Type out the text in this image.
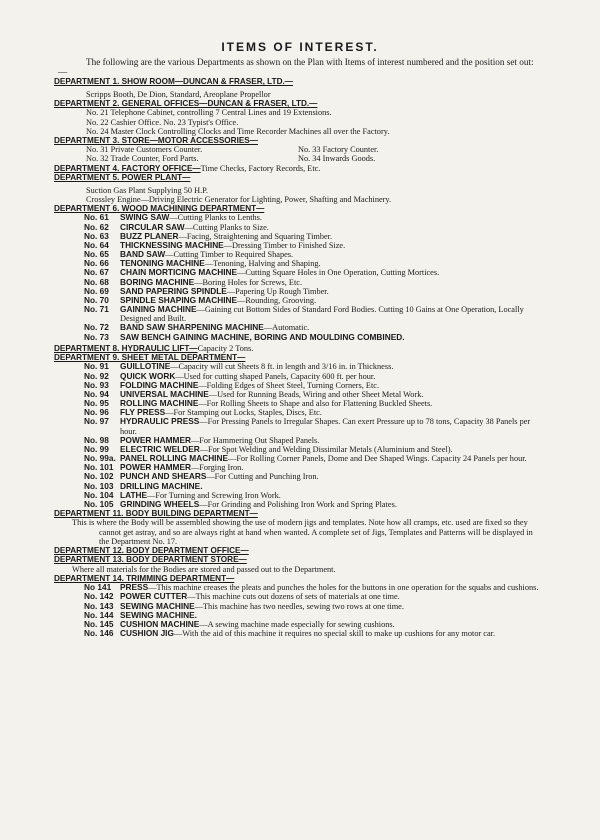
ITEMS OF INTEREST.
The following are the various Departments as shown on the Plan with Items of interest numbered and the position set out:—
DEPARTMENT 1. SHOW ROOM—DUNCAN & FRASER, LTD.—
Scripps Booth, De Dion, Standard, Areoplane Propellor
DEPARTMENT 2. GENERAL OFFICES—DUNCAN & FRASER, LTD.—
No. 21 Telephone Cabinet, controlling 7 Central Lines and 19 Extensions.
No. 22 Cashier Office. No. 23 Typist's Office.
No. 24 Master Clock Controlling Clocks and Time Recorder Machines all over the Factory.
DEPARTMENT 3. STORE—MOTOR ACCESSORIES—
No. 31 Private Customers Counter.	No. 33 Factory Counter.
No. 32 Trade Counter, Ford Parts.	No. 34 Inwards Goods.
DEPARTMENT 4. FACTORY OFFICE—Time Checks, Factory Records, Etc.
DEPARTMENT 5. POWER PLANT—
Suction Gas Plant Supplying 50 H.P.
Crossley Engine—Driving Electric Generator for Lighting, Power, Shafting and Machinery.
DEPARTMENT 6. WOOD MACHINING DEPARTMENT—
No. 61 SWING SAW—Cutting Planks to Lenths.
No. 62 CIRCULAR SAW—Cutting Planks to Size.
No. 63 BUZZ PLANER—Facing, Straightening and Squaring Timber.
No. 64 THICKNESSING MACHINE—Dressing Timber to Finished Size.
No. 65 BAND SAW—Cutting Timber to Required Shapes.
No. 66 TENONING MACHINE—Tenoning, Halving and Shaping.
No. 67 CHAIN MORTICING MACHINE—Cutting Square Holes in One Operation, Cutting Mortices.
No. 68 BORING MACHINE—Boring Holes for Screws, Etc.
No. 69 SAND PAPERING SPINDLE—Papering Up Rough Timber.
No. 70 SPINDLE SHAPING MACHINE—Rounding, Grooving.
No. 71 GAINING MACHINE—Gaining cut Bottom Sides of Standard Ford Bodies. Cutting 10 Gains at One Operation, Locally Designed and Built.
No. 72 BAND SAW SHARPENING MACHINE—Automatic.
No. 73 SAW BENCH GAINING MACHINE, BORING AND MOULDING COMBINED.
DEPARTMENT 8. HYDRAULIC LIFT—Capacity 2 Tons.
DEPARTMENT 9. SHEET METAL DEPARTMENT—
No. 91 GUILLOTINE—Capacity will cut Sheets 8 ft. in length and 3/16 in. in Thickness.
No. 92 QUICK WORK—Used for cutting shaped Panels, Capacity 600 ft. per hour.
No. 93 FOLDING MACHINE—Folding Edges of Sheet Steel, Turning Corners, Etc.
No. 94 UNIVERSAL MACHINE—Used for Running Beads, Wiring and other Sheet Metal Work.
No. 95 ROLLING MACHINE—For Rolling Sheets to Shape and also for Flattening Buckled Sheets.
No. 96 FLY PRESS—For Stamping out Locks, Staples, Discs, Etc.
No. 97 HYDRAULIC PRESS—For Pressing Panels to Irregular Shapes. Can exert Pressure up to 78 tons, Capacity 38 Panels per hour.
No. 98 POWER HAMMER—For Hammering Out Shaped Panels.
No. 99 ELECTRIC WELDER—For Spot Welding and Welding Dissimilar Metals (Aluminium and Steel).
No. 99a. PANEL ROLLING MACHINE—For Rolling Corner Panels, Dome and Dee Shaped Wings. Capacity 24 Panels per hour.
No. 101 POWER HAMMER—Forging Iron.
No. 102 PUNCH AND SHEARS—For Cutting and Punching Iron.
No. 103 DRILLING MACHINE.
No. 104 LATHE—For Turning and Screwing Iron Work.
No. 105 GRINDING WHEELS—For Grinding and Polishing Iron Work and Spring Plates.
DEPARTMENT 11. BODY BUILDING DEPARTMENT—
This is where the Body will be assembled showing the use of modern jigs and templates. Note how all cramps, etc. used are fixed so they cannot get astray, and so are always right at hand when wanted. A complete set of Jigs, Templates and Patterns will be displayed in the Department No. 17.
DEPARTMENT 12. BODY DEPARTMENT OFFICE—
DEPARTMENT 13. BODY DEPARTMENT STORE—
Where all materials for the Bodies are stored and passed out to the Department.
DEPARTMENT 14. TRIMMING DEPARTMENT—
No 141 PRESS—This machine creases the pleats and punches the holes for the buttons in one operation for the squabs and cushions.
No. 142 POWER CUTTER—This machine cuts out dozens of sets of materials at one time.
No. 143 SEWING MACHINE—This machine has two needles, sewing two rows at one time.
No. 144 SEWING MACHINE.
No. 145 CUSHION MACHINE—A sewing machine made especially for sewing cushions.
No. 146 CUSHION JIG—With the aid of this machine it requires no special skill to make up cushions for any motor car.
